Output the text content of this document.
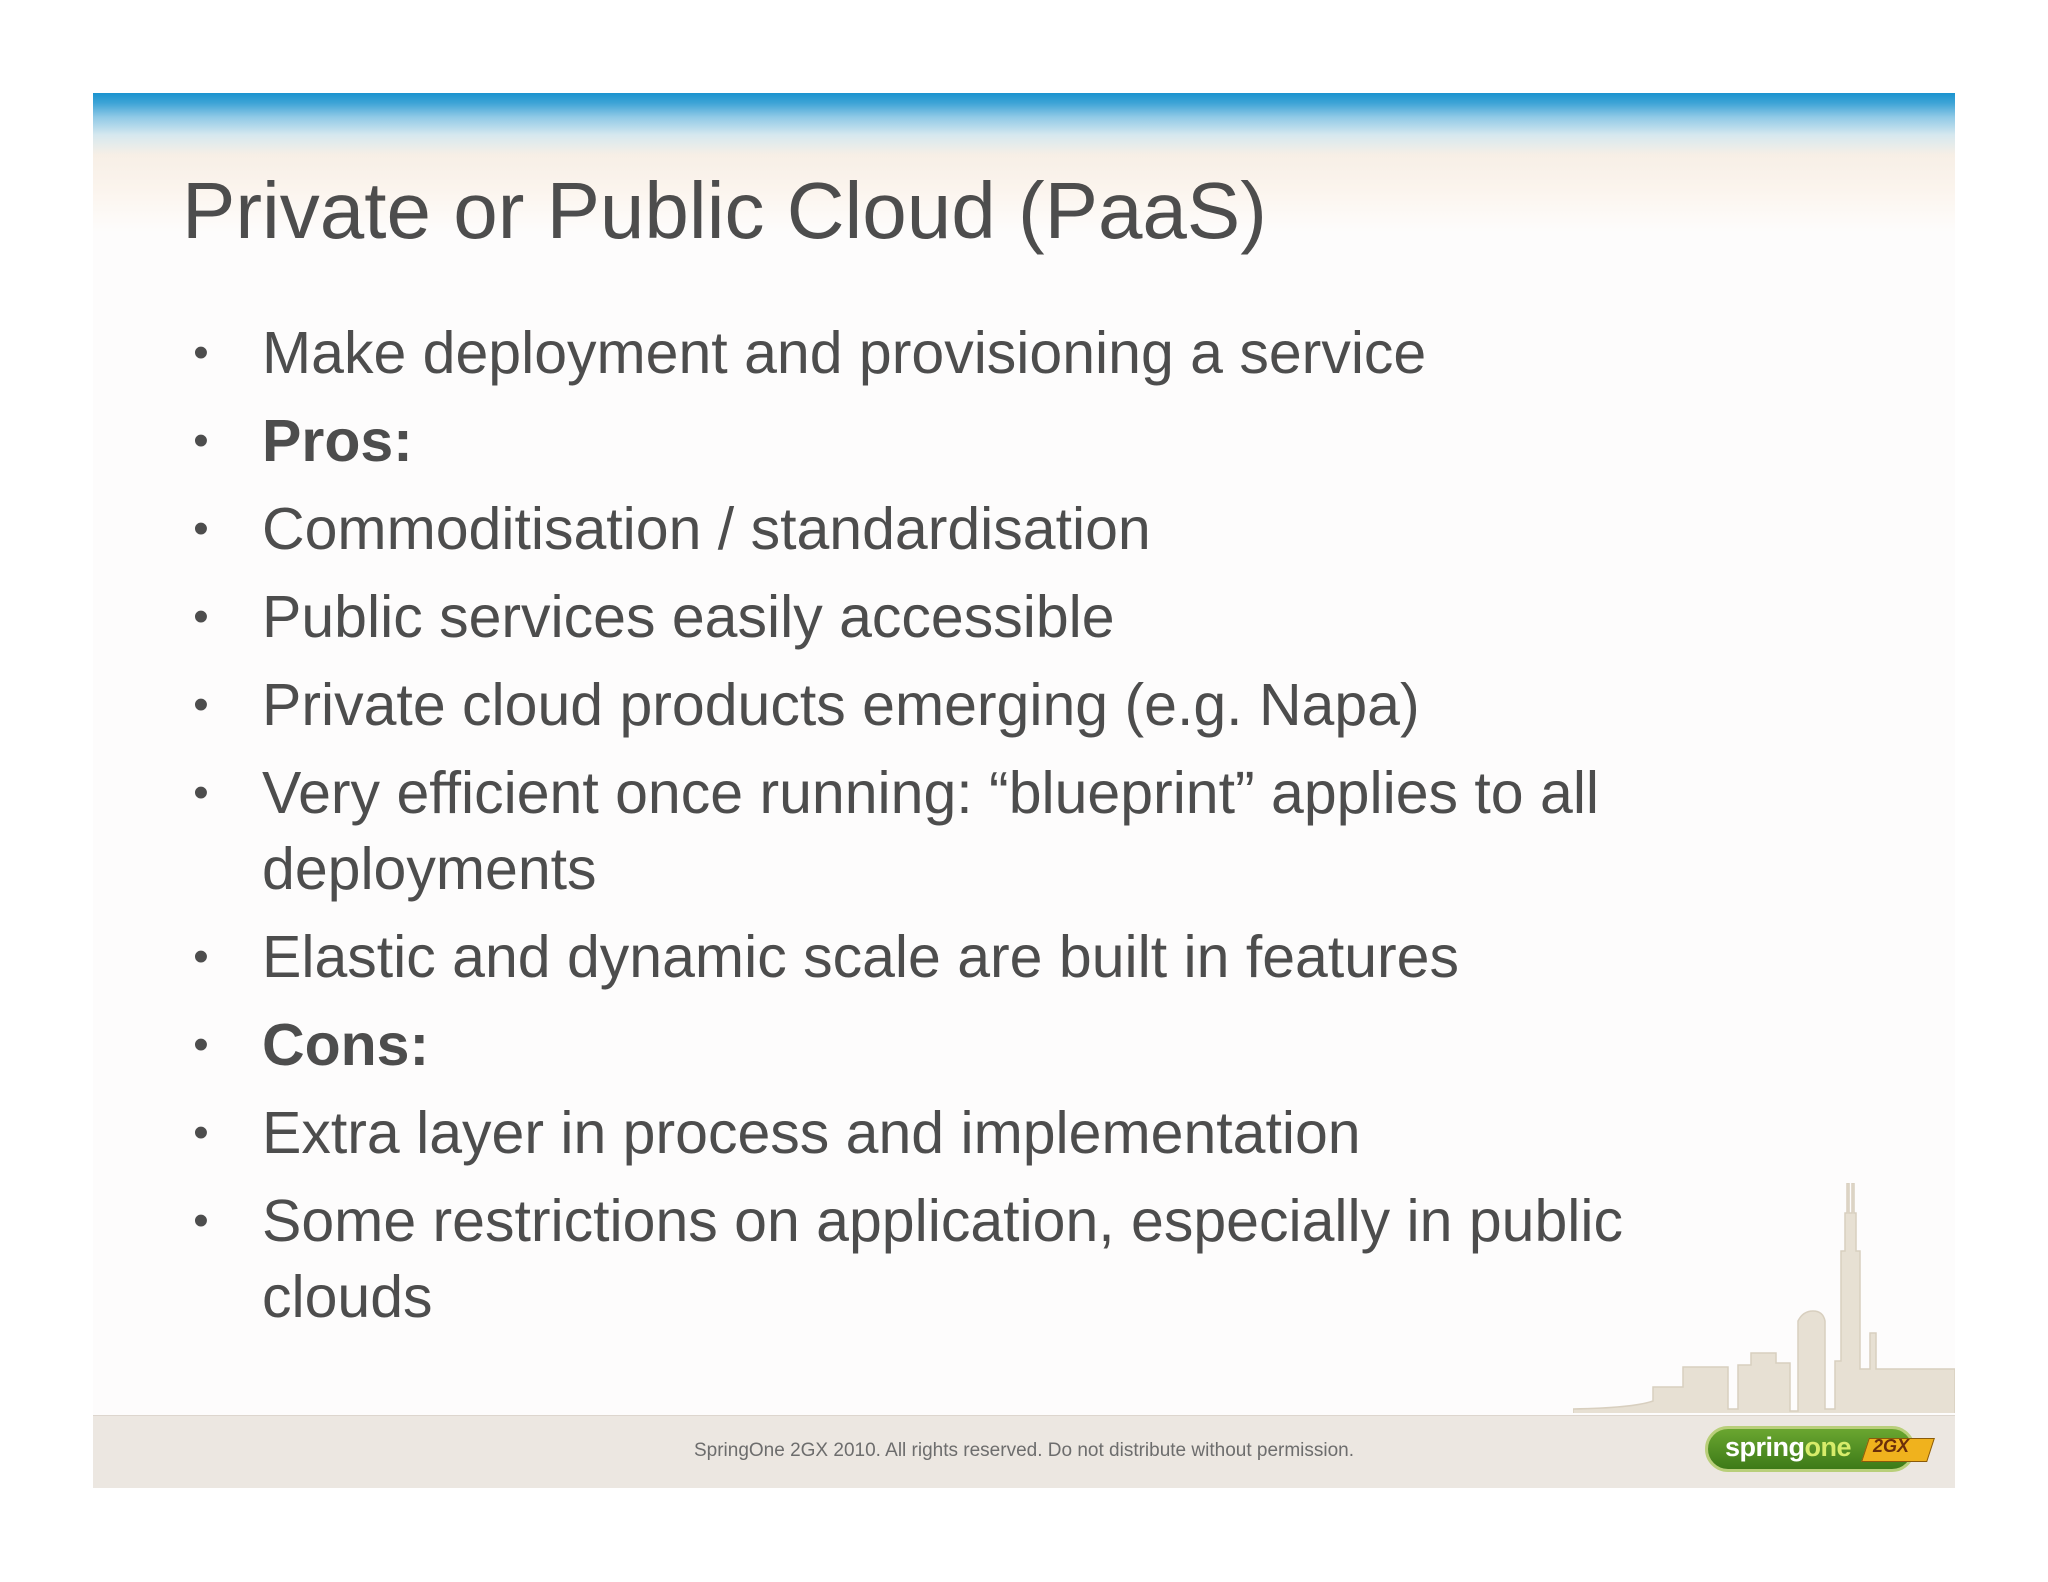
Private or Public Cloud (PaaS)
• Make deployment and provisioning a service
• Pros:
• Commoditisation / standardisation
• Public services easily accessible
• Private cloud products emerging (e.g. Napa)
• Very efficient once running: “blueprint” applies to all deployments
• Elastic and dynamic scale are built in features
• Cons:
• Extra layer in process and implementation
• Some restrictions on application, especially in public clouds
SpringOne 2GX 2010. All rights reserved. Do not distribute without permission.	springone 2GX
